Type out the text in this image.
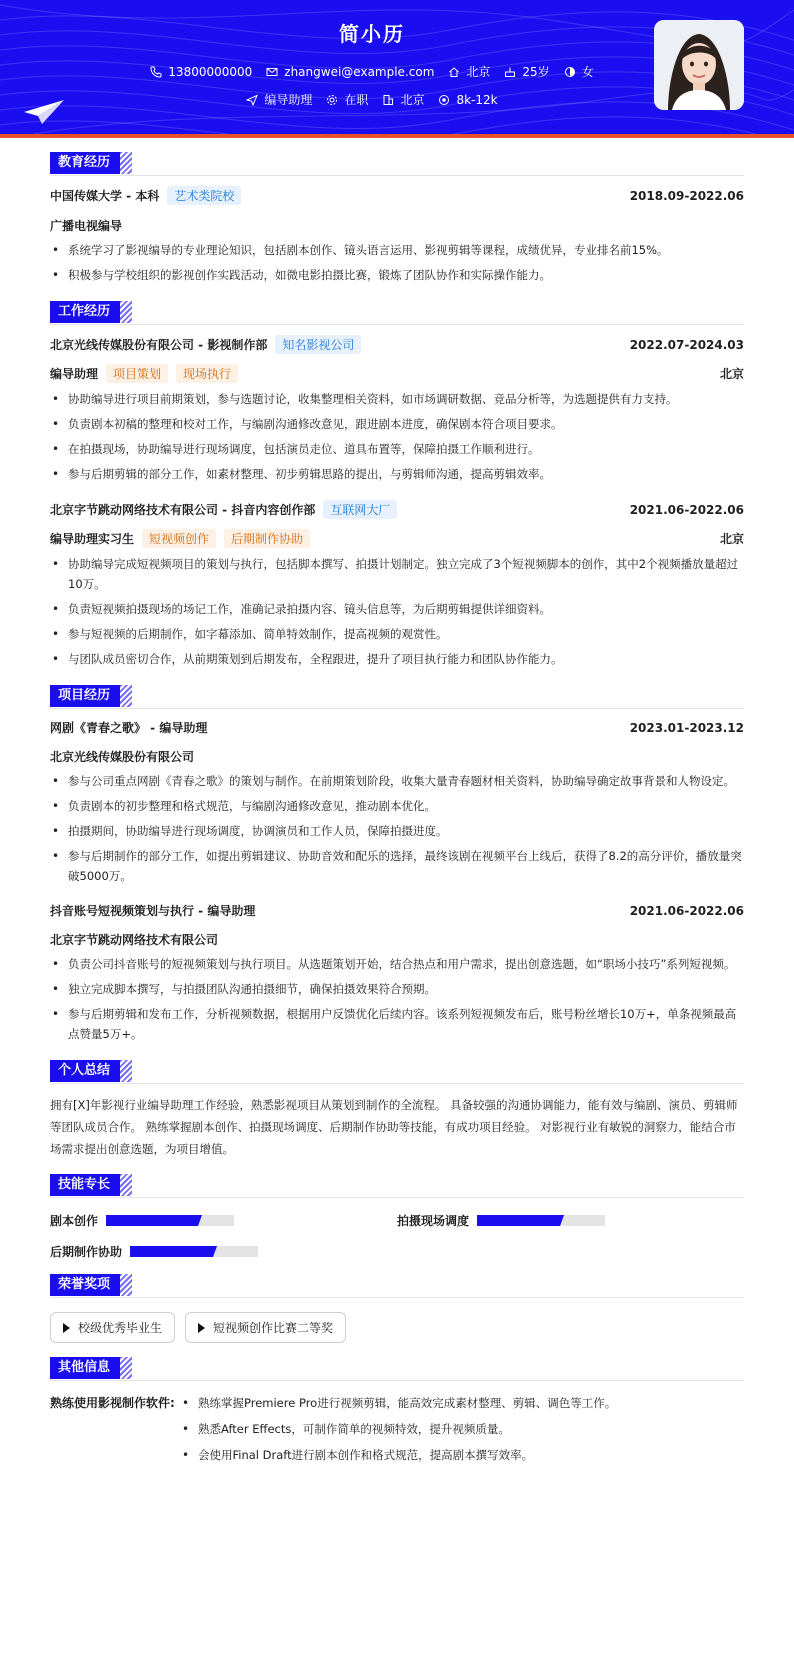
简小历
13800000000	zhangwei@example.com	北京	25岁	女
编导助理	在职	北京	8k-12k
教育经历
中国传媒大学 - 本科	艺术类院校	2018.09-2022.06
广播电视编导
• 系统学习了影视编导的专业理论知识，包括剧本创作、镜头语言运用、影视剪辑等课程，成绩优异，专业排名前15%。
• 积极参与学校组织的影视创作实践活动，如微电影拍摄比赛，锻炼了团队协作和实际操作能力。
工作经历
北京光线传媒股份有限公司 - 影视制作部	知名影视公司	2022.07-2024.03
编导助理	项目策划	现场执行	北京
• 协助编导进行项目前期策划，参与选题讨论，收集整理相关资料，如市场调研数据、竞品分析等，为选题提供有力支持。
• 负责剧本初稿的整理和校对工作，与编剧沟通修改意见，跟进剧本进度，确保剧本符合项目要求。
• 在拍摄现场，协助编导进行现场调度，包括演员走位、道具布置等，保障拍摄工作顺利进行。
• 参与后期剪辑的部分工作，如素材整理、初步剪辑思路的提出，与剪辑师沟通，提高剪辑效率。
北京字节跳动网络技术有限公司 - 抖音内容创作部	互联网大厂	2021.06-2022.06
编导助理实习生	短视频创作	后期制作协助	北京
• 协助编导完成短视频项目的策划与执行，包括脚本撰写、拍摄计划制定。独立完成了3个短视频脚本的创作，其中2个视频播放量超过10万。
• 负责短视频拍摄现场的场记工作，准确记录拍摄内容、镜头信息等，为后期剪辑提供详细资料。
• 参与短视频的后期制作，如字幕添加、简单特效制作，提高视频的观赏性。
• 与团队成员密切合作，从前期策划到后期发布，全程跟进，提升了项目执行能力和团队协作能力。
项目经历
网剧《青春之歌》 - 编导助理	2023.01-2023.12
北京光线传媒股份有限公司
• 参与公司重点网剧《青春之歌》的策划与制作。在前期策划阶段，收集大量青春题材相关资料，协助编导确定故事背景和人物设定。
• 负责剧本的初步整理和格式规范，与编剧沟通修改意见，推动剧本优化。
• 拍摄期间，协助编导进行现场调度，协调演员和工作人员，保障拍摄进度。
• 参与后期制作的部分工作，如提出剪辑建议、协助音效和配乐的选择，最终该剧在视频平台上线后，获得了8.2的高分评价，播放量突破5000万。
抖音账号短视频策划与执行 - 编导助理	2021.06-2022.06
北京字节跳动网络技术有限公司
• 负责公司抖音账号的短视频策划与执行项目。从选题策划开始，结合热点和用户需求，提出创意选题，如“职场小技巧”系列短视频。
• 独立完成脚本撰写，与拍摄团队沟通拍摄细节，确保拍摄效果符合预期。
• 参与后期剪辑和发布工作，分析视频数据，根据用户反馈优化后续内容。该系列短视频发布后，账号粉丝增长10万+，单条视频最高点赞量5万+。
个人总结

拥有[X]年影视行业编导助理工作经验，熟悉影视项目从策划到制作的全流程。 具备较强的沟通协调能力，能有效与编剧、演员、剪辑师等团队成员合作。 熟练掌握剧本创作、拍摄现场调度、后期制作协助等技能，有成功项目经验。 对影视行业有敏锐的洞察力，能结合市场需求提出创意选题，为项目增值。

技能专长
剧本创作	拍摄现场调度
后期制作协助
荣誉奖项
校级优秀毕业生	短视频创作比赛二等奖
其他信息
熟练使用影视制作软件:
•	熟练掌握Premiere Pro进行视频剪辑，能高效完成素材整理、剪辑、调色等工作。
• 熟悉After Effects，可制作简单的视频特效，提升视频质量。
• 会使用Final Draft进行剧本创作和格式规范，提高剧本撰写效率。
